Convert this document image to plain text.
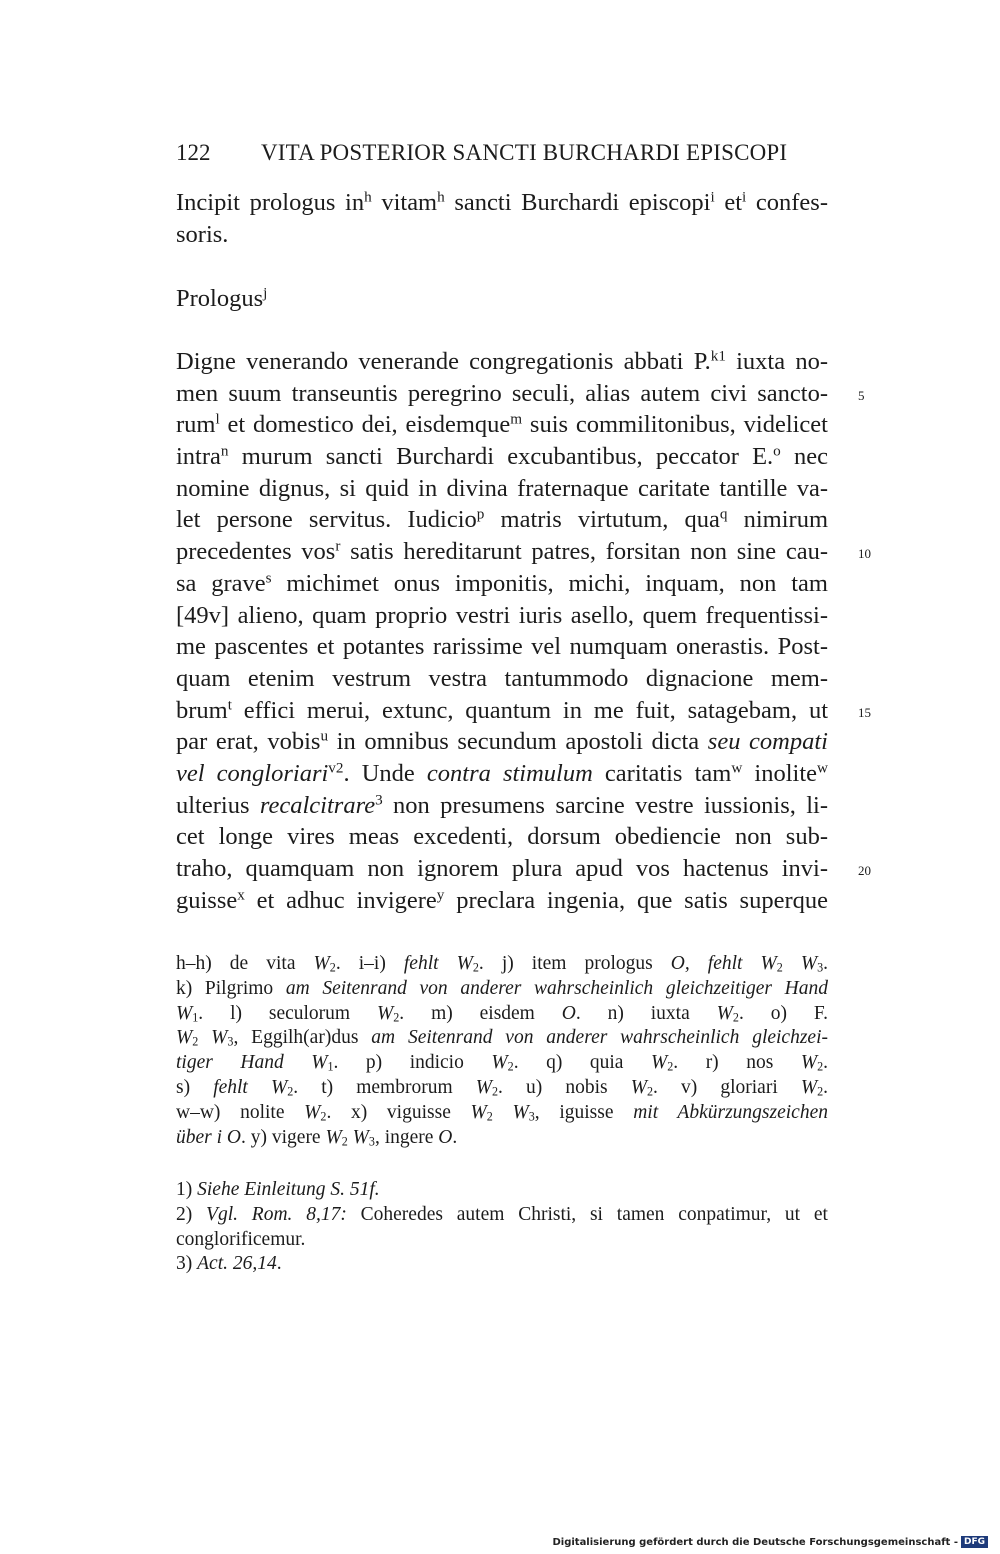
122 VITA POSTERIOR SANCTI BURCHARDI EPISCOPI
Incipit prologus $in^h$ vitam$^h$ sancti Burchardi episcopi$^i$ $et^i$ confes-
soris.
Prologus$^j$
Digne venerando venerande congregationis abbati P.$^{k1}$ iuxta no-
men suum transeuntis peregrino seculi, alias autem civi sancto-
rum$^l$ et domestico dei, eisdemque$^m$ suis commilitonibus, videlicet
intra$^n$ murum sancti Burchardi excubantibus, peccator E.$^o$ nec
nomine dignus, si quid in divina fraternaque caritate tantille va-
let persone servitus. Iudicio$^p$ matris virtutum, qua$^q$ nimirum
precedentes vos$^r$ satis hereditarunt patres, forsitan non sine cau-
sa grave$^s$ michimet onus imponitis, michi, inquam, non tam
[49v] alieno, quam proprio vestri iuris asello, quem frequentissi-
me pascentes et potantes rarissime vel numquam onerastis. Post-
quam etenim vestrum vestra tantummodo dignacione mem-
brum$^t$ effici merui, extunc, quantum in me fuit, satagebam, ut
par erat, vobis$^u$ in omnibus secundum apostoli dicta seu compati
vel congloriari$^{v2}$. Unde contra stimulum caritatis tam$^w$ inolite$^w$
ulterius recalcitrare$^3$ non presumens sarcine vestre iussionis, li-
cet longe vires meas excedenti, dorsum obediencie non sub-
traho, quamquam non ignorem plura apud vos hactenus invi-
guisse$^x$ et adhuc invigere$^y$ preclara ingenia, que satis superque
5
10
15
20
h–h) de vita $W_2$. i–i) fehlt $W_2$. j) item prologus O, fehlt $W_2$ $W_3$.
k) Pilgrimo am Seitenrand von anderer wahrscheinlich gleichzeitiger Hand
$W_1$. l) seculorum $W_2$. m) eisdem O. n) iuxta $W_2$. o) F.
$W_2$ $W_3$, Eggilh(ar)dus am Seitenrand von anderer wahrscheinlich gleichzei-
tiger Hand $W_1$. p) indicio $W_2$. q) quia $W_2$. r) nos $W_2$.
s) fehlt $W_2$. t) membrorum $W_2$. u) nobis $W_2$. v) gloriari $W_2$.
w–w) nolite $W_2$. x) viguisse $W_2$ $W_3$, iguisse mit Abkürzungszeichen
über i O. y) vigere $W_2$ $W_3$, ingere O.
1) Siehe Einleitung S. 51f.
2) Vgl. Rom. 8,17: Coheredes autem Christi, si tamen conpatimur, ut et
conglorificemur.
3) Act. 26,14.
Digitalisierung gefördert durch die Deutsche Forschungsgemeinschaft - DFG
